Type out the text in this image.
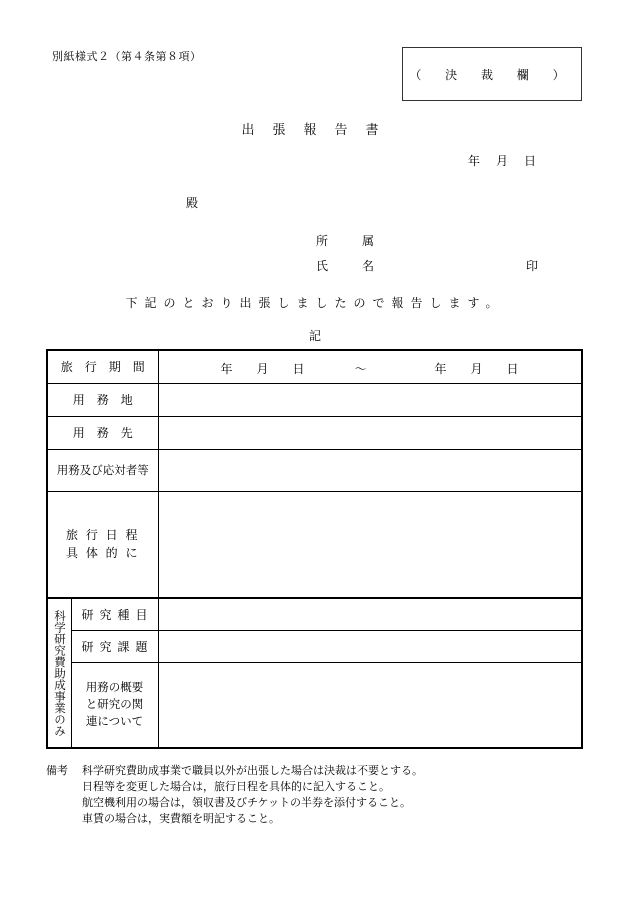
別紙様式２（第４条第８項）
（ 決 裁 欄 ）
出張報告書
年　月　日
殿
所属
氏名	印
下記のとおり出張しましたので報告します。
記
旅行期間		年　　月　　日 〜 年　　月　　日

用務地		
用務先		
用務及び応対者等		

旅 行 日 程
具 体 的 に		

科学研究費助成事業のみ	研究種目	
	研究課題	

	用務の概要
と研究の関
連について	

備考 科学研究費助成事業で職員以外が出張した場合は決裁は不要とする。
日程等を変更した場合は，旅行日程を具体的に記入すること。
航空機利用の場合は，領収書及びチケットの半券を添付すること。
車賃の場合は，実費額を明記すること。
